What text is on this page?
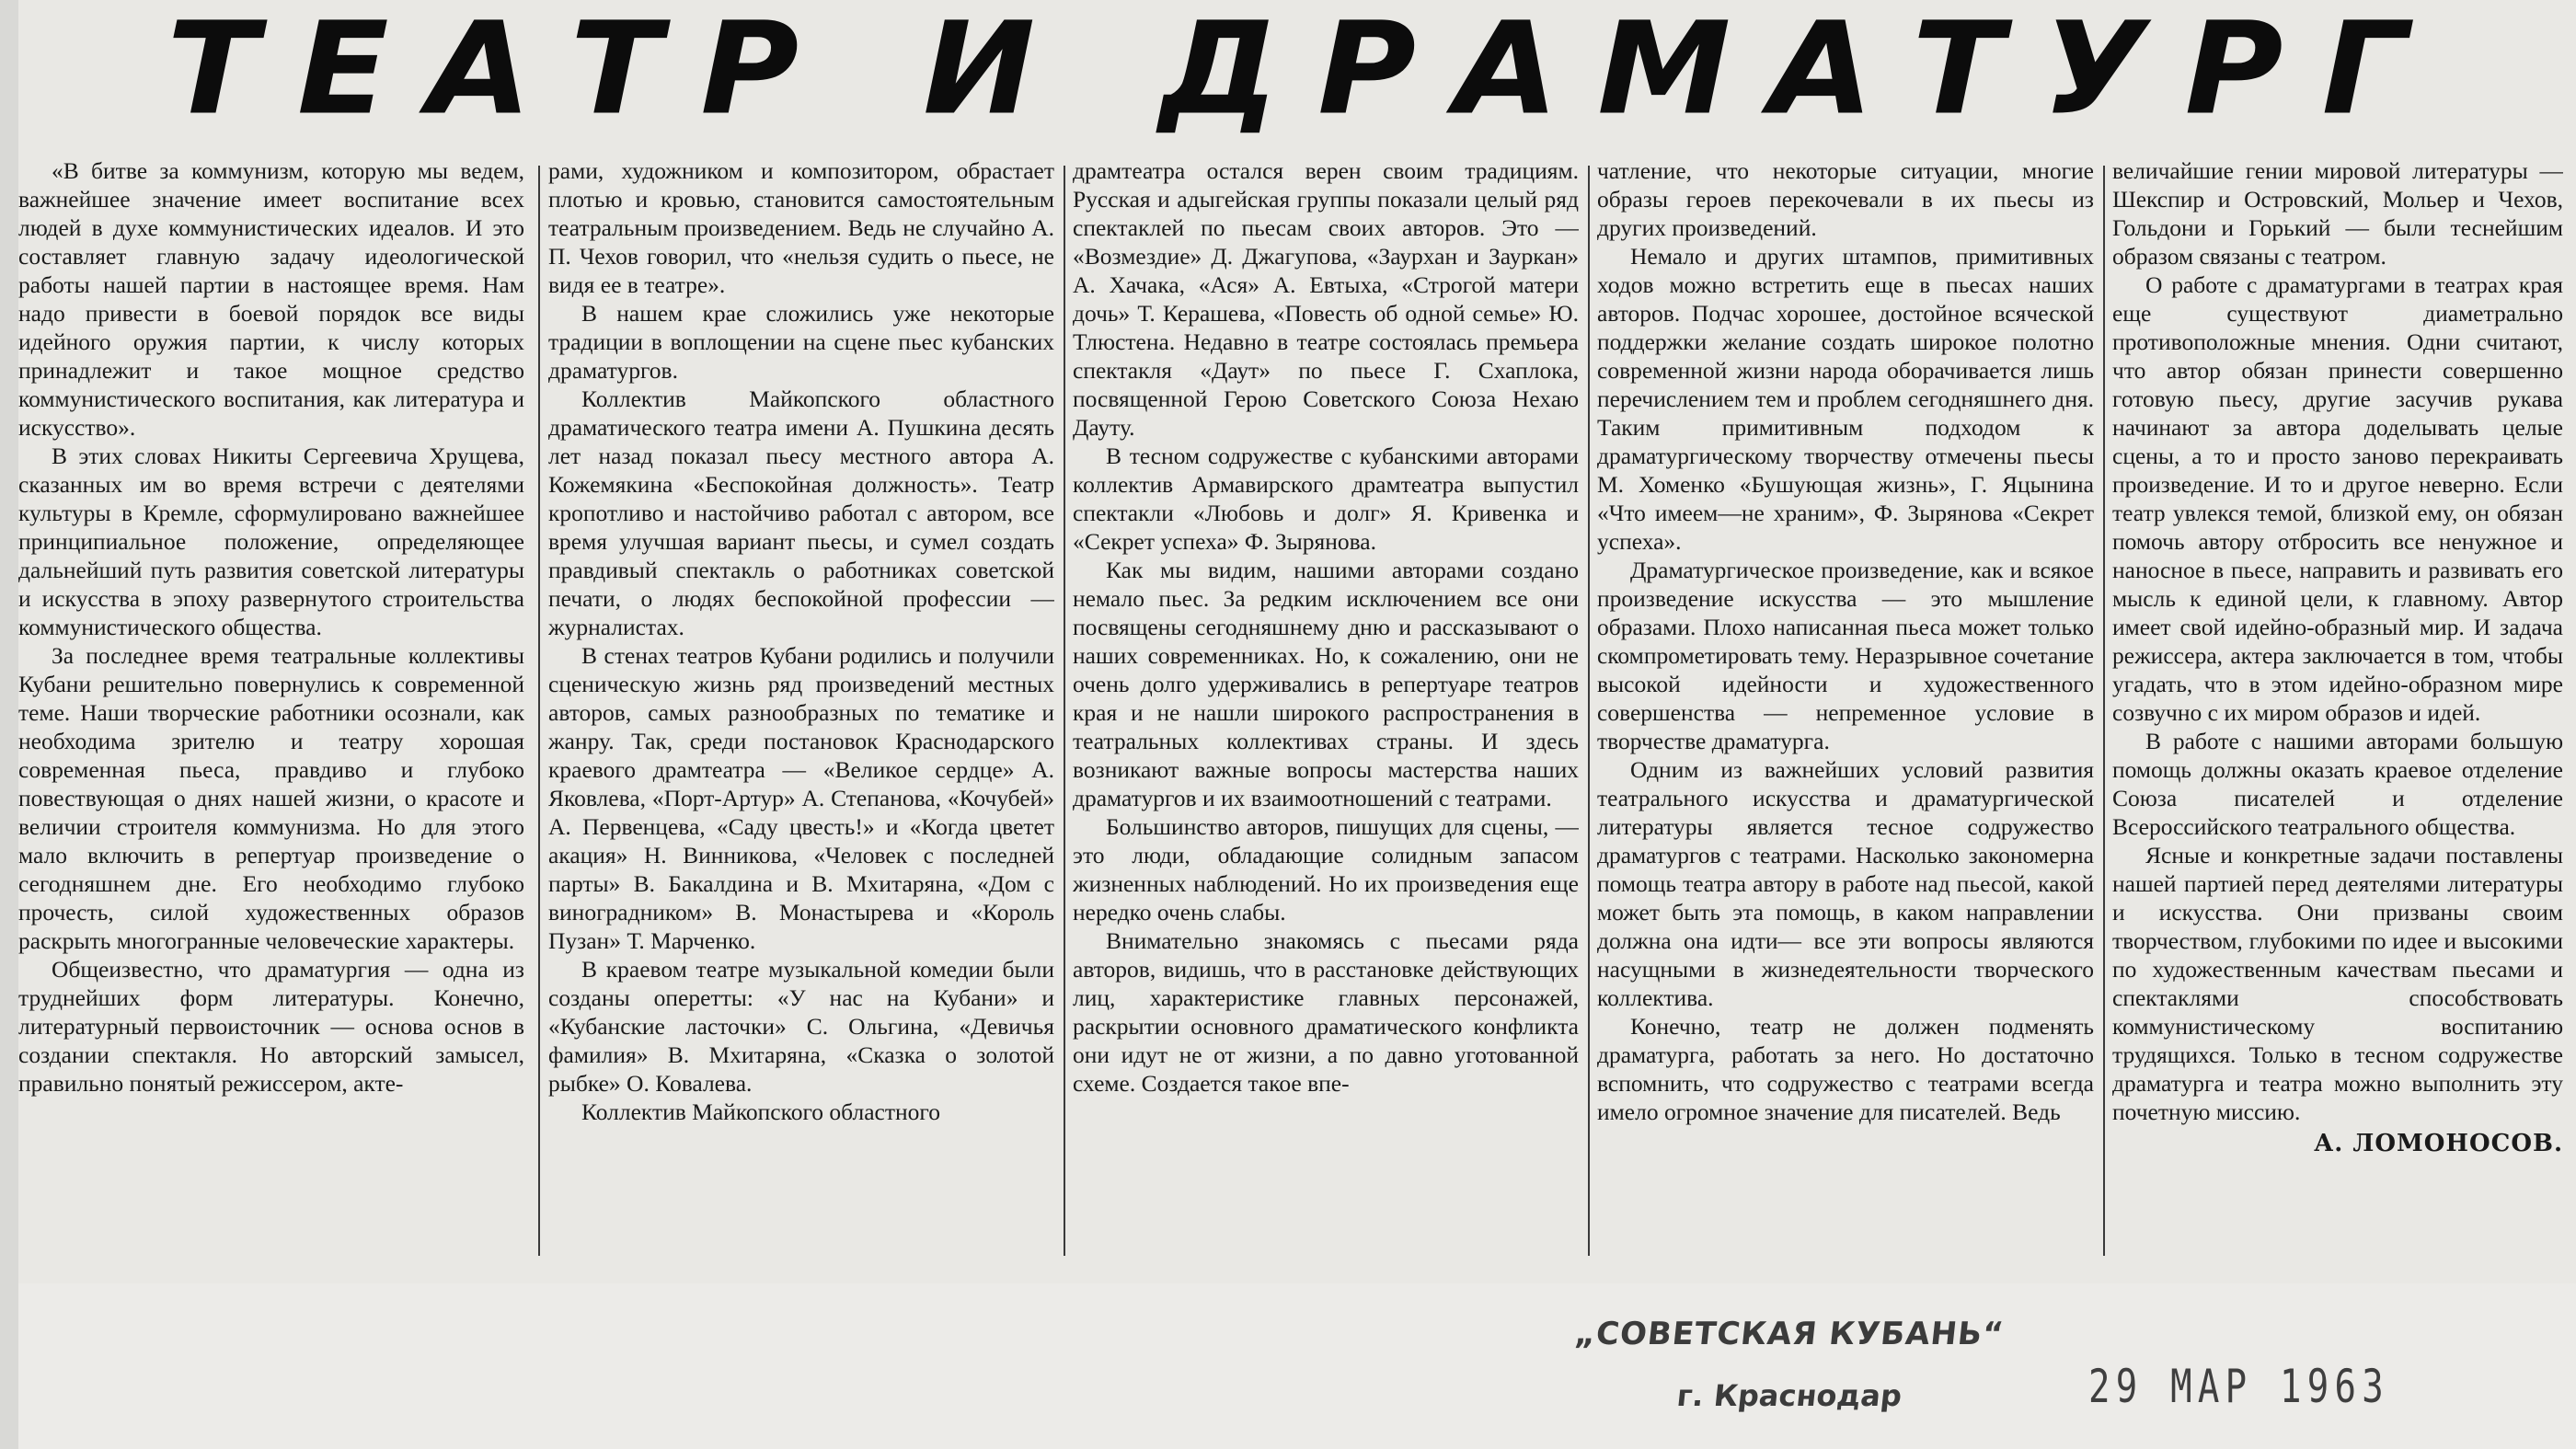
ТЕАТР И ДРАМАТУРГ

«В битве за коммунизм, которую мы ведем, важнейшее значение имеет воспитание всех людей в духе коммунистических идеалов. И это составляет главную задачу идеологической работы нашей партии в настоящее время. Нам надо привести в боевой порядок все виды идейного оружия партии, к числу которых принадлежит и такое мощное средство коммунистического воспитания, как литература и искусство».

В этих словах Никиты Сергеевича Хрущева, сказанных им во время встречи с деятелями культуры в Кремле, сформулировано важнейшее принципиальное положение, определяющее дальнейший путь развития советской литературы и искусства в эпоху развернутого строительства коммунистического общества.

За последнее время театральные коллективы Кубани решительно повернулись к современной теме. Наши творческие работники осознали, как необходима зрителю и театру хорошая современная пьеса, правдиво и глубоко повествующая о днях нашей жизни, о красоте и величии строителя коммунизма. Но для этого мало включить в репертуар произведение о сегодняшнем дне. Его необходимо глубоко прочесть, силой художественных образов раскрыть многогранные человеческие характеры.

Общеизвестно, что драматургия — одна из труднейших форм литературы. Конечно, литературный первоисточник — основа основ в создании спектакля. Но авторский замысел, правильно понятый режиссером, акте-

рами, художником и композитором, обрастает плотью и кровью, становится самостоятельным театральным произведением. Ведь не случайно А. П. Чехов говорил, что «нельзя судить о пьесе, не видя ее в театре».

В нашем крае сложились уже некоторые традиции в воплощении на сцене пьес кубанских драматургов.

Коллектив Майкопского областного драматического театра имени А. Пушкина десять лет назад показал пьесу местного автора А. Кожемякина «Беспокойная должность». Театр кропотливо и настойчиво работал с автором, все время улучшая вариант пьесы, и сумел создать правдивый спектакль о работниках советской печати, о людях беспокойной профессии — журналистах.

В стенах театров Кубани родились и получили сценическую жизнь ряд произведений местных авторов, самых разнообразных по тематике и жанру. Так, среди постановок Краснодарского краевого драмтеатра — «Великое сердце» А. Яковлева, «Порт-Артур» А. Степанова, «Кочубей» А. Первенцева, «Саду цвесть!» и «Когда цветет акация» Н. Винникова, «Человек с последней парты» В. Бакалдина и В. Мхитаряна, «Дом с виноградником» В. Монастырева и «Король Пузан» Т. Марченко.

В краевом театре музыкальной комедии были созданы оперетты: «У нас на Кубани» и «Кубанские ласточки» С. Ольгина, «Девичья фамилия» В. Мхитаряна, «Сказка о золотой рыбке» О. Ковалева.

Коллектив Майкопского областного

драмтеатра остался верен своим традициям. Русская и адыгейская группы показали целый ряд спектаклей по пьесам своих авторов. Это — «Возмездие» Д. Джагупова, «Заурхан и Зауркан» А. Хачака, «Ася» А. Евтыха, «Строгой матери дочь» Т. Керашева, «Повесть об одной семье» Ю. Тлюстена. Недавно в театре состоялась премьера спектакля «Даут» по пьесе Г. Схаплока, посвященной Герою Советского Союза Нехаю Дауту.

В тесном содружестве с кубанскими авторами коллектив Армавирского драмтеатра выпустил спектакли «Любовь и долг» Я. Кривенка и «Секрет успеха» Ф. Зырянова.

Как мы видим, нашими авторами создано немало пьес. За редким исключением все они посвящены сегодняшнему дню и рассказывают о наших современниках. Но, к сожалению, они не очень долго удерживались в репертуаре театров края и не нашли широкого распространения в театральных коллективах страны. И здесь возникают важные вопросы мастерства наших драматургов и их взаимоотношений с театрами.

Большинство авторов, пишущих для сцены, — это люди, обладающие солидным запасом жизненных наблюдений. Но их произведения еще нередко очень слабы.

Внимательно знакомясь с пьесами ряда авторов, видишь, что в расстановке действующих лиц, характеристике главных персонажей, раскрытии основного драматического конфликта они идут не от жизни, а по давно уготованной схеме. Создается такое впе-

чатление, что некоторые ситуации, многие образы героев перекочевали в их пьесы из других произведений.

Немало и других штампов, примитивных ходов можно встретить еще в пьесах наших авторов. Подчас хорошее, достойное всяческой поддержки желание создать широкое полотно современной жизни народа оборачивается лишь перечислением тем и проблем сегодняшнего дня. Таким примитивным подходом к драматургическому творчеству отмечены пьесы М. Хоменко «Бушующая жизнь», Г. Яцынина «Что имеем—не храним», Ф. Зырянова «Секрет успеха».

Драматургическое произведение, как и всякое произведение искусства — это мышление образами. Плохо написанная пьеса может только скомпрометировать тему. Неразрывное сочетание высокой идейности и художественного совершенства — непременное условие в творчестве драматурга.

Одним из важнейших условий развития театрального искусства и драматургической литературы является тесное содружество драматургов с театрами. Насколько закономерна помощь театра автору в работе над пьесой, какой может быть эта помощь, в каком направлении должна она идти— все эти вопросы являются насущными в жизнедеятельности творческого коллектива.

Конечно, театр не должен подменять драматурга, работать за него. Но достаточно вспомнить, что содружество с театрами всегда имело огромное значение для писателей. Ведь

величайшие гении мировой литературы — Шекспир и Островский, Мольер и Чехов, Гольдони и Горький — были теснейшим образом связаны с театром.

О работе с драматургами в театрах края еще существуют диаметрально противоположные мнения. Одни считают, что автор обязан принести совершенно готовую пьесу, другие засучив рукава начинают за автора доделывать целые сцены, а то и просто заново перекраивать произведение. И то и другое неверно. Если театр увлекся темой, близкой ему, он обязан помочь автору отбросить все ненужное и наносное в пьесе, направить и развивать его мысль к единой цели, к главному. Автор имеет свой идейно-образный мир. И задача режиссера, актера заключается в том, чтобы угадать, что в этом идейно-образном мире созвучно с их миром образов и идей.

В работе с нашими авторами большую помощь должны оказать краевое отделение Союза писателей и отделение Всероссийского театрального общества.

Ясные и конкретные задачи поставлены нашей партией перед деятелями литературы и искусства. Они призваны своим творчеством, глубокими по идее и высокими по художественным качествам пьесами и спектаклями способствовать коммунистическому воспитанию трудящихся. Только в тесном содружестве драматурга и театра можно выполнить эту почетную миссию.

А. ЛОМОНОСОВ.
„СОВЕТСКАЯ КУБАНЬ“
г. Краснодар	29 МАР 1963
